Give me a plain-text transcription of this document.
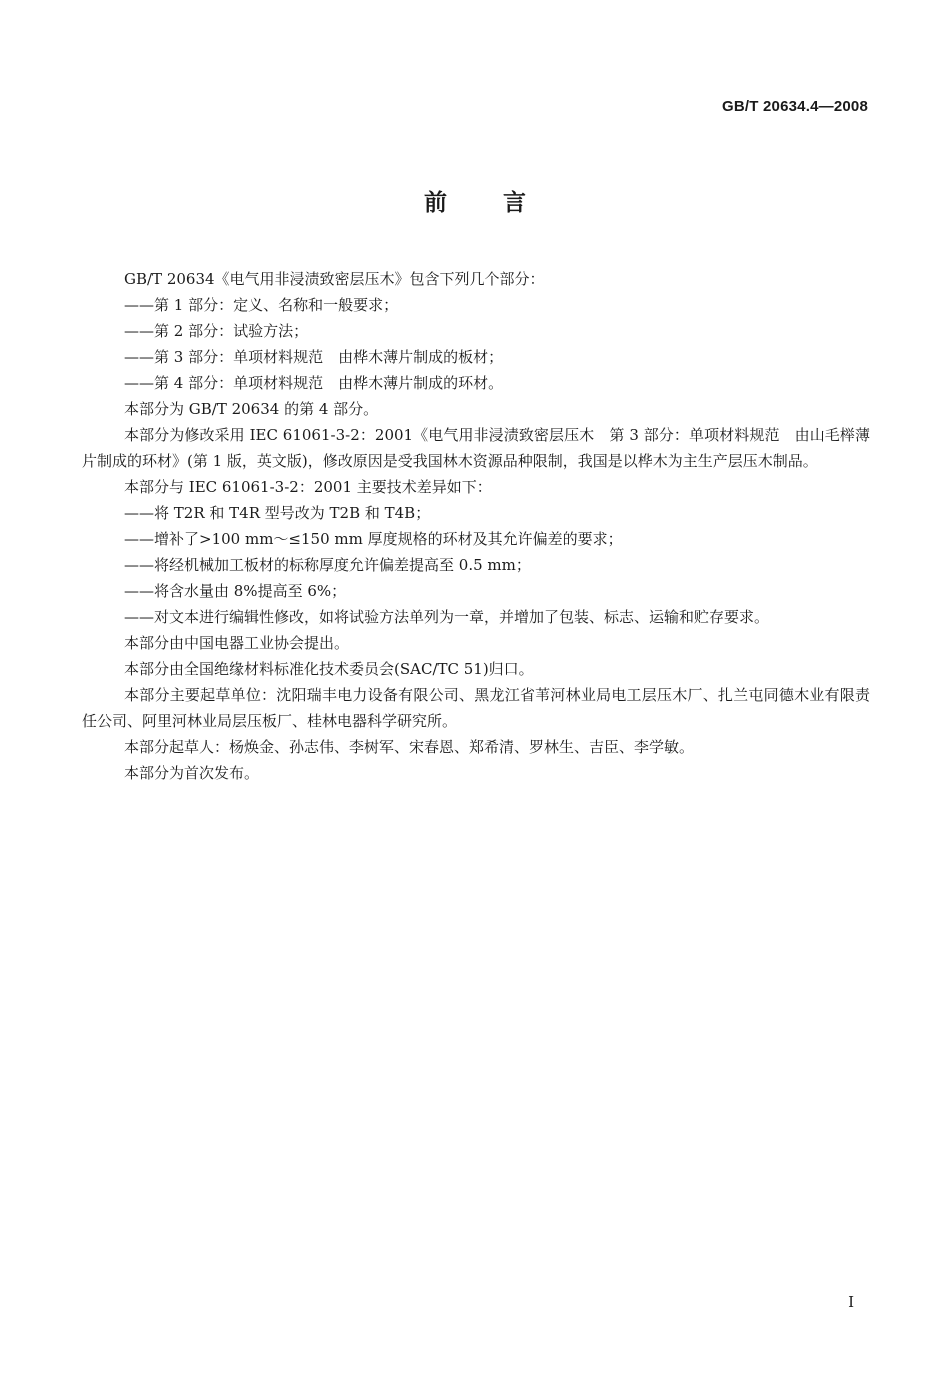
GB/T 20634.4—2008
前言

GB/T 20634《电气用非浸渍致密层压木》包含下列几个部分：

——第 1 部分：定义、名称和一般要求；

——第 2 部分：试验方法；

——第 3 部分：单项材料规范　由桦木薄片制成的板材；

——第 4 部分：单项材料规范　由桦木薄片制成的环材。

本部分为 GB/T 20634 的第 4 部分。

本部分为修改采用 IEC 61061-3-2：2001《电气用非浸渍致密层压木　第 3 部分：单项材料规范　由山毛榉薄片制成的环材》(第 1 版，英文版)，修改原因是受我国林木资源品种限制，我国是以桦木为主生产层压木制品。

本部分与 IEC 61061-3-2：2001 主要技术差异如下：

——将 T2R 和 T4R 型号改为 T2B 和 T4B；

——增补了>100 mm～≤150 mm 厚度规格的环材及其允许偏差的要求；

——将经机械加工板材的标称厚度允许偏差提高至 0.5 mm；

——将含水量由 8%提高至 6%；

——对文本进行编辑性修改，如将试验方法单列为一章，并增加了包装、标志、运输和贮存要求。

本部分由中国电器工业协会提出。

本部分由全国绝缘材料标准化技术委员会(SAC/TC 51)归口。

本部分主要起草单位：沈阳瑞丰电力设备有限公司、黑龙江省苇河林业局电工层压木厂、扎兰屯同德木业有限责任公司、阿里河林业局层压板厂、桂林电器科学研究所。

本部分起草人：杨焕金、孙志伟、李树军、宋春恩、郑希清、罗林生、吉臣、李学敏。

本部分为首次发布。

I
